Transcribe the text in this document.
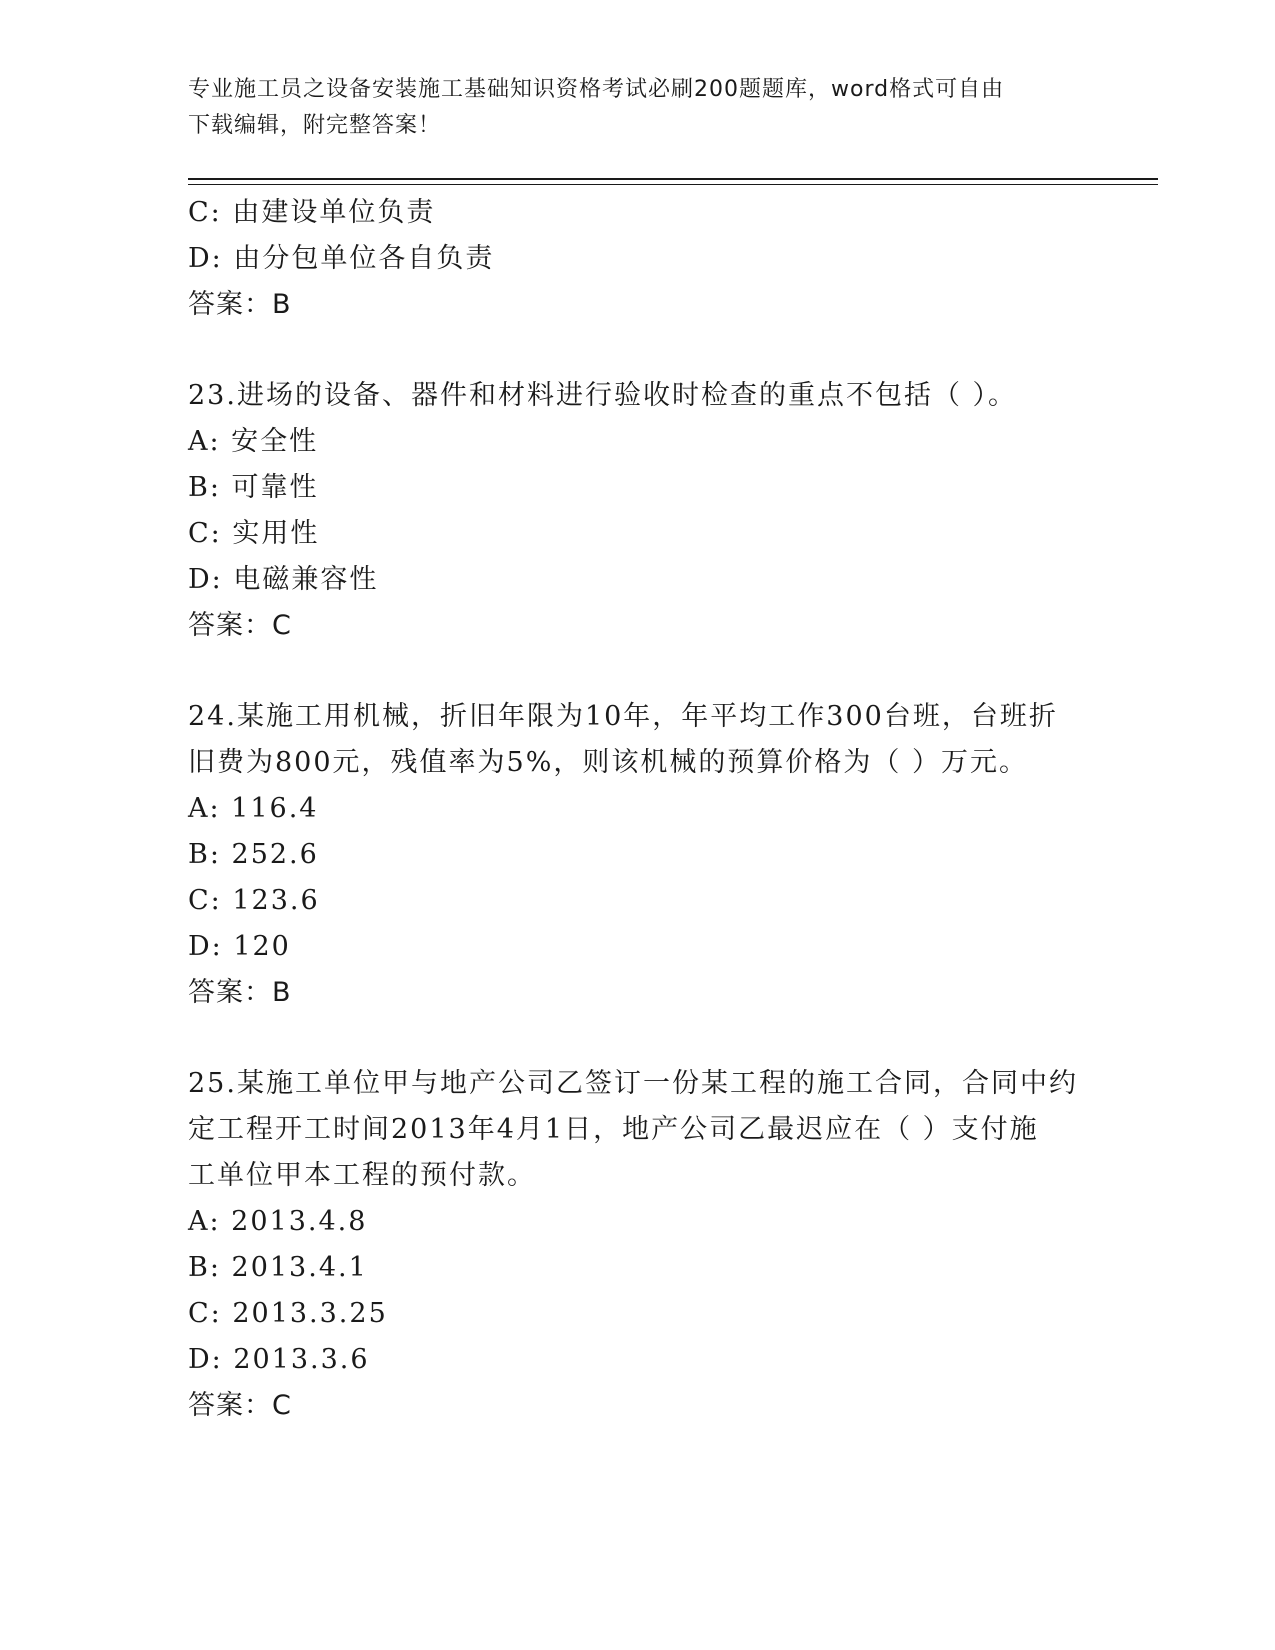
专业施工员之设备安装施工基础知识资格考试必刷200题题库，word格式可自由
下载编辑，附完整答案！
C: 由建设单位负责
D: 由分包单位各自负责
答案：B
23.进场的设备、器件和材料进行验收时检查的重点不包括（ ）。
A: 安全性
B: 可靠性
C: 实用性
D: 电磁兼容性
答案：C
24.某施工用机械，折旧年限为10年，年平均工作300台班，台班折
旧费为800元，残值率为5%，则该机械的预算价格为（ ）万元。
A: 116.4
B: 252.6
C: 123.6
D: 120
答案：B
25.某施工单位甲与地产公司乙签订一份某工程的施工合同，合同中约
定工程开工时间2013年4月1日，地产公司乙最迟应在（ ）支付施
工单位甲本工程的预付款。
A: 2013.4.8
B: 2013.4.1
C: 2013.3.25
D: 2013.3.6
答案：C
